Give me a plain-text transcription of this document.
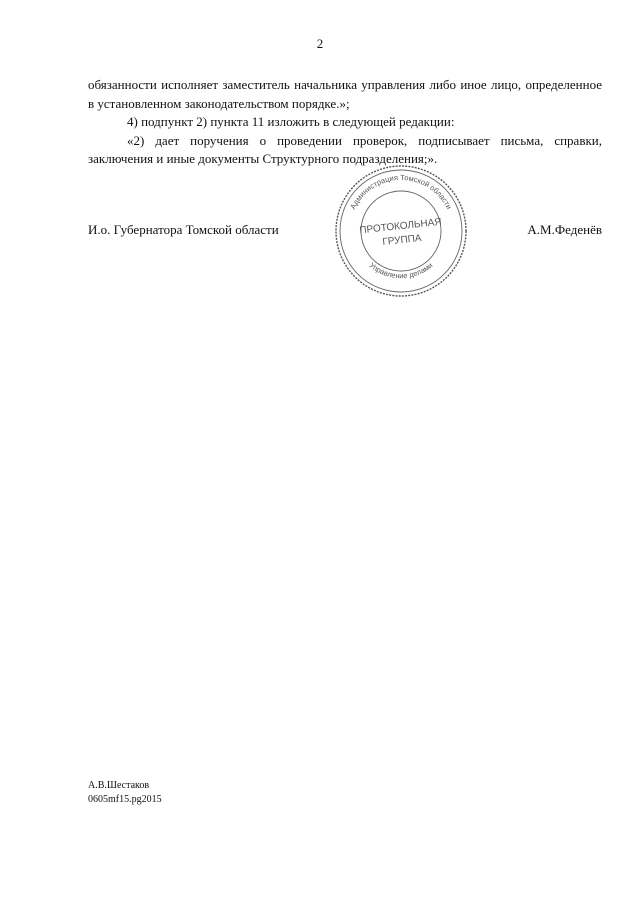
2

обязанности исполняет заместитель начальника управления либо иное лицо, определенное в установленном законодательством порядке.»;

4) подпункт 2) пункта 11 изложить в следующей редакции:

«2) дает поручения о проведении проверок, подписывает письма, справки, заключения и иные документы Структурного подразделения;».

И.о. Губернатора Томской области	А.М.Феденёв
Администрация Томской области
Управление делами
ПРОТОКОЛЬНАЯ
ГРУППА
А.В.Шестаков
0605mf15.pg2015
